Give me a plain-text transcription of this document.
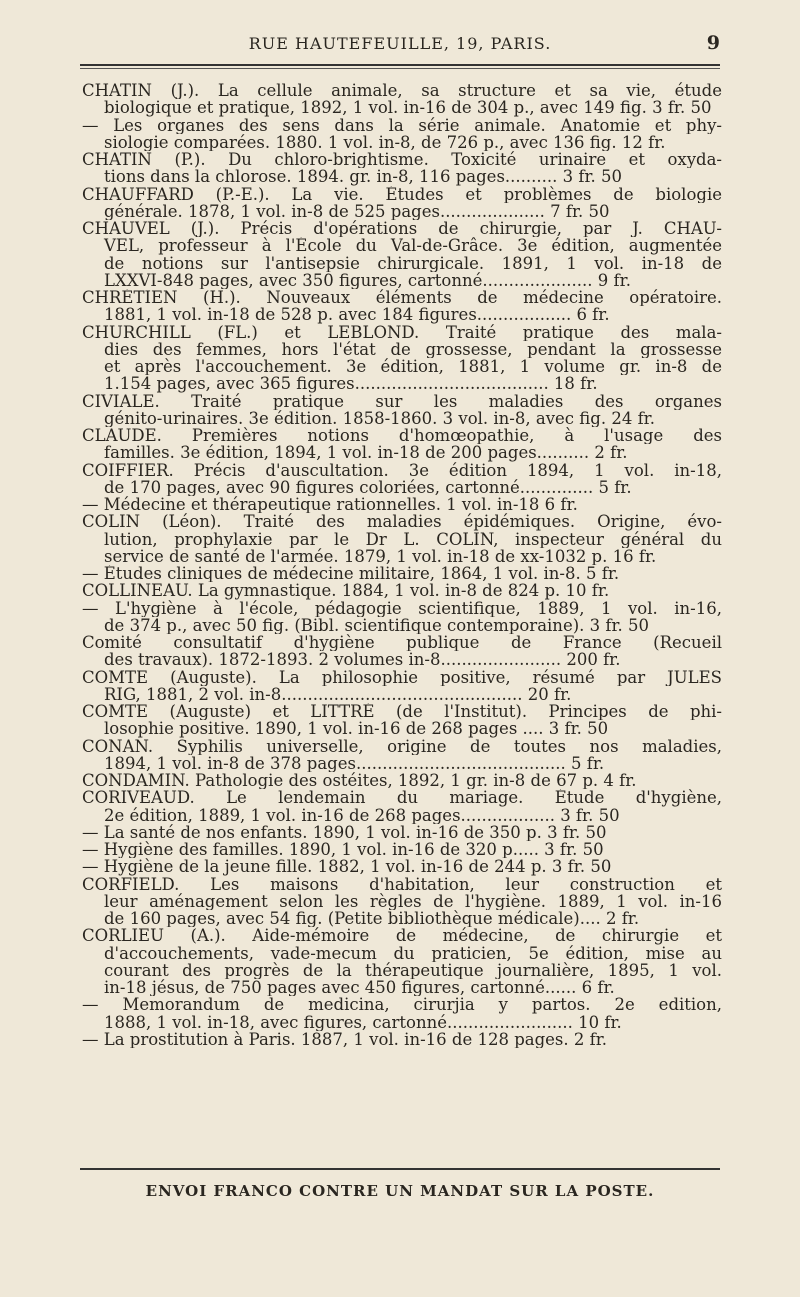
RUE HAUTEFEUILLE, 19, PARIS.	9
CHATIN (J.). La cellule animale, sa structure et sa vie, étude
biologique et pratique, 1892, 1 vol. in-16 de 304 p., avec 149 fig. 3 fr. 50
— Les organes des sens dans la série animale. Anatomie et phy-
siologie comparées. 1880. 1 vol. in-8, de 726 p., avec 136 fig. 12 fr.
CHATIN (P.). Du chloro-brightisme. Toxicité urinaire et oxyda-
tions dans la chlorose. 1894. gr. in-8, 116 pages.......... 3 fr. 50
CHAUFFARD (P.-E.). La vie. Études et problèmes de biologie
générale. 1878, 1 vol. in-8 de 525 pages.................... 7 fr. 50
CHAUVEL (J.). Précis d'opérations de chirurgie, par J. CHAU-
VEL, professeur à l'École du Val-de-Grâce. 3e édition, augmentée
de notions sur l'antisepsie chirurgicale. 1891, 1 vol. in-18 de
LXXVI-848 pages, avec 350 figures, cartonné..................... 9 fr.
CHRÉTIEN (H.). Nouveaux éléments de médecine opératoire.
1881, 1 vol. in-18 de 528 p. avec 184 figures.................. 6 fr.
CHURCHILL (FL.) et LEBLOND. Traité pratique des mala-
dies des femmes, hors l'état de grossesse, pendant la grossesse
et après l'accouchement. 3e édition, 1881, 1 volume gr. in-8 de
1.154 pages, avec 365 figures..................................... 18 fr.
CIVIALE. Traité pratique sur les maladies des organes
génito-urinaires. 3e édition. 1858-1860. 3 vol. in-8, avec fig. 24 fr.
CLAUDE. Premières notions d'homœopathie, à l'usage des
familles. 3e édition, 1894, 1 vol. in-18 de 200 pages.......... 2 fr.
COIFFIER. Précis d'auscultation. 3e édition 1894, 1 vol. in-18,
de 170 pages, avec 90 figures coloriées, cartonné.............. 5 fr.
— Médecine et thérapeutique rationnelles. 1 vol. in-18 6 fr.
COLIN (Léon). Traité des maladies épidémiques. Origine, évo-
lution, prophylaxie par le Dr L. COLIN, inspecteur général du
service de santé de l'armée. 1879, 1 vol. in-18 de xx-1032 p. 16 fr.
— Études cliniques de médecine militaire, 1864, 1 vol. in-8. 5 fr.
COLLINEAU. La gymnastique. 1884, 1 vol. in-8 de 824 p. 10 fr.
— L'hygiène à l'école, pédagogie scientifique, 1889, 1 vol. in-16,
de 374 p., avec 50 fig. (Bibl. scientifique contemporaine). 3 fr. 50
Comité consultatif d'hygiène publique de France (Recueil
des travaux). 1872-1893. 2 volumes in-8....................... 200 fr.
COMTE (Auguste). La philosophie positive, résumé par JULES
RIG, 1881, 2 vol. in-8.............................................. 20 fr.
COMTE (Auguste) et LITTRÉ (de l'Institut). Principes de phi-
losophie positive. 1890, 1 vol. in-16 de 268 pages .... 3 fr. 50
CONAN. Syphilis universelle, origine de toutes nos maladies,
1894, 1 vol. in-8 de 378 pages........................................ 5 fr.
CONDAMIN. Pathologie des ostéites, 1892, 1 gr. in-8 de 67 p. 4 fr.
CORIVEAUD. Le lendemain du mariage. Étude d'hygiène,
2e édition, 1889, 1 vol. in-16 de 268 pages.................. 3 fr. 50
— La santé de nos enfants. 1890, 1 vol. in-16 de 350 p. 3 fr. 50
— Hygiène des familles. 1890, 1 vol. in-16 de 320 p..... 3 fr. 50
— Hygiène de la jeune fille. 1882, 1 vol. in-16 de 244 p. 3 fr. 50
CORFIELD. Les maisons d'habitation, leur construction et
leur aménagement selon les règles de l'hygiène. 1889, 1 vol. in-16
de 160 pages, avec 54 fig. (Petite bibliothèque médicale).... 2 fr.
CORLIEU (A.). Aide-mémoire de médecine, de chirurgie et
d'accouchements, vade-mecum du praticien, 5e édition, mise au
courant des progrès de la thérapeutique journalière, 1895, 1 vol.
in-18 jésus, de 750 pages avec 450 figures, cartonné...... 6 fr.
— Memorandum de medicina, cirurjia y partos. 2e edition,
1888, 1 vol. in-18, avec figures, cartonné........................ 10 fr.
— La prostitution à Paris. 1887, 1 vol. in-16 de 128 pages. 2 fr.
ENVOI FRANCO CONTRE UN MANDAT SUR LA POSTE.
